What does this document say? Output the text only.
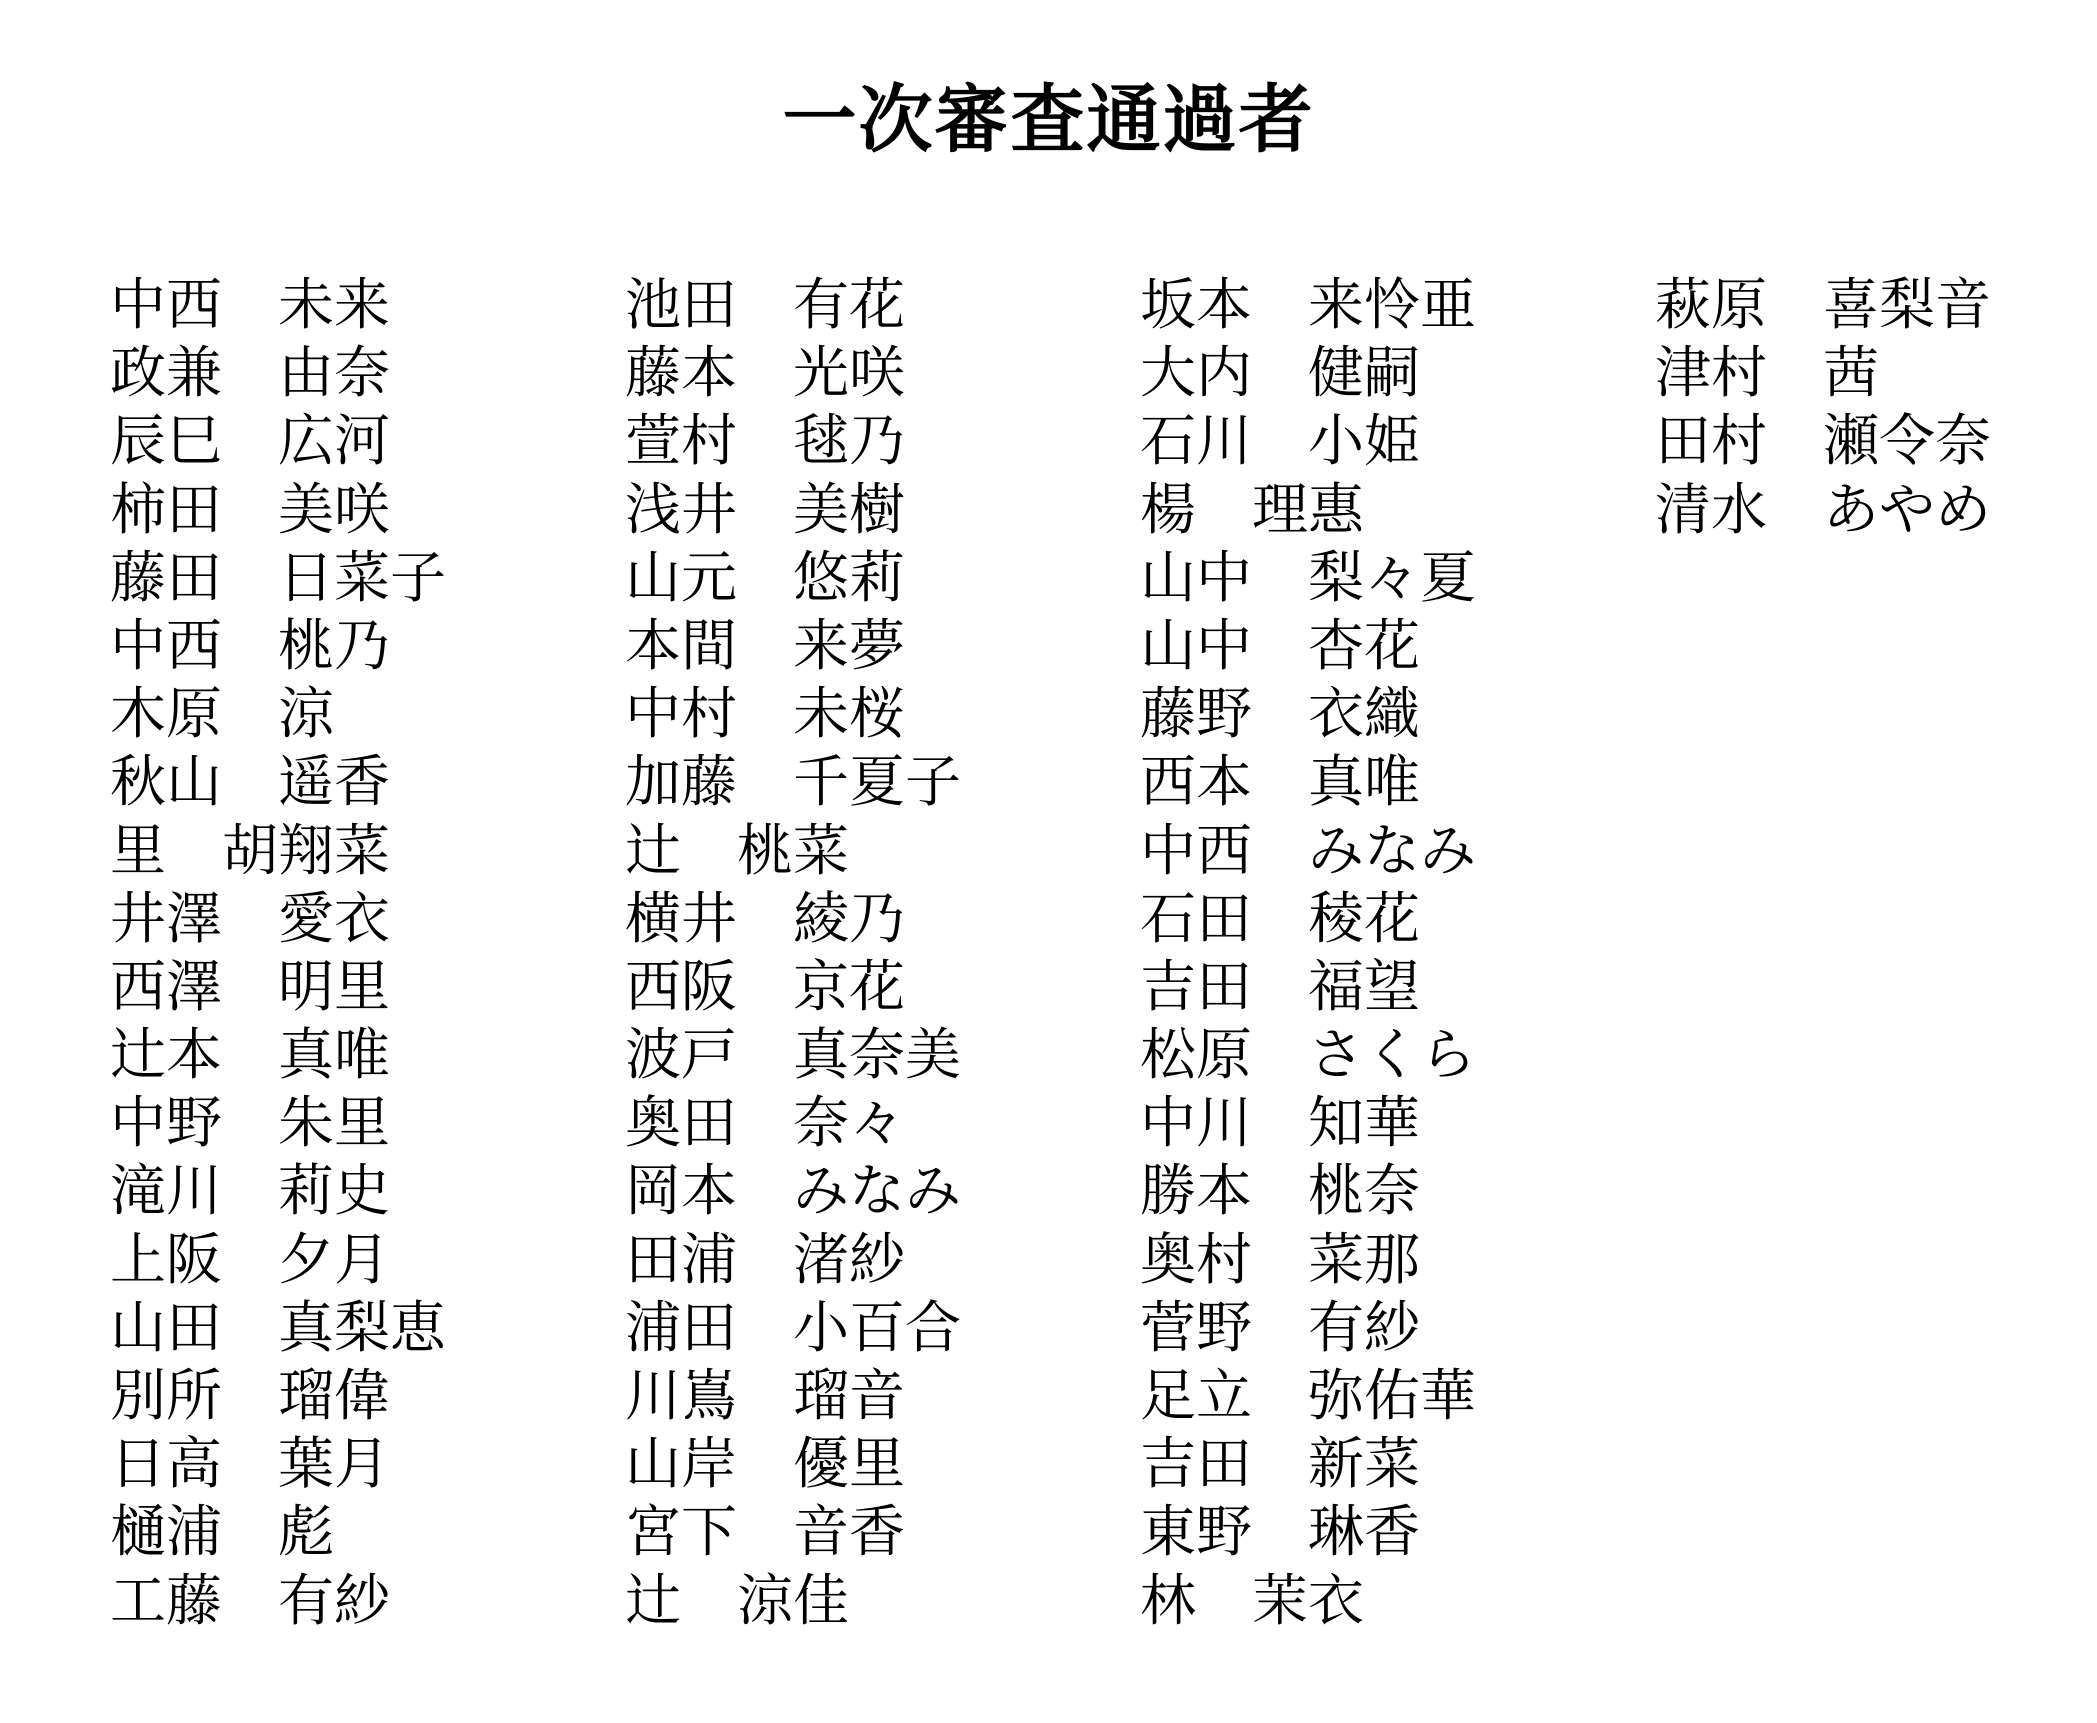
一次審査通過者
中西　未来
政兼　由奈
辰巳　広河
柿田　美咲
藤田　日菜子
中西　桃乃
木原　涼
秋山　遥香
里　胡翔菜
井澤　愛衣
西澤　明里
辻本　真唯
中野　朱里
滝川　莉史
上阪　夕月
山田　真梨恵
別所　瑠偉
日高　葉月
樋浦　彪
工藤　有紗
池田　有花
藤本　光咲
萱村　毬乃
浅井　美樹
山元　悠莉
本間　来夢
中村　未桜
加藤　千夏子
辻　桃菜
横井　綾乃
西阪　京花
波戸　真奈美
奥田　奈々
岡本　みなみ
田浦　渚紗
浦田　小百合
川嶌　瑠音
山岸　優里
宮下　音香
辻　涼佳
坂本　来怜亜
大内　健嗣
石川　小姫
楊　理惠
山中　梨々夏
山中　杏花
藤野　衣織
西本　真唯
中西　みなみ
石田　稜花
吉田　福望
松原　さくら
中川　知華
勝本　桃奈
奥村　菜那
菅野　有紗
足立　弥佑華
吉田　新菜
東野　琳香
林　茉衣
萩原　喜梨音
津村　茜
田村　瀬令奈
清水　あやめ
